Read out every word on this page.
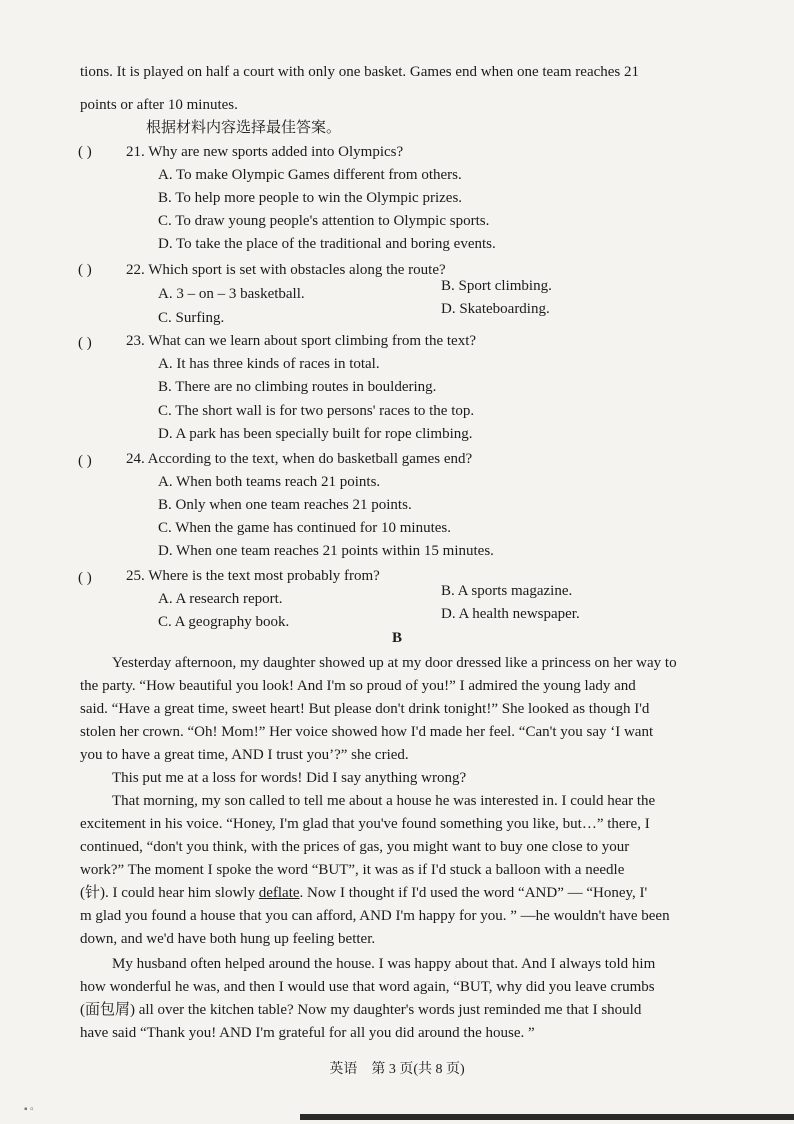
tions. It is played on half a court with only one basket. Games end when one team reaches 21
points or after 10 minutes.
根据材料内容选择最佳答案。
( ) 21. Why are new sports added into Olympics?
A. To make Olympic Games different from others.
B. To help more people to win the Olympic prizes.
C. To draw young people's attention to Olympic sports.
D. To take the place of the traditional and boring events.
( ) 22. Which sport is set with obstacles along the route?
A. 3 – on – 3 basketball.	B. Sport climbing.
C. Surfing.
D. Skateboarding.
( ) 23. What can we learn about sport climbing from the text?
A. It has three kinds of races in total.
B. There are no climbing routes in bouldering.
C. The short wall is for two persons' races to the top.
D. A park has been specially built for rope climbing.
( ) 24. According to the text, when do basketball games end?
A. When both teams reach 21 points.
B. Only when one team reaches 21 points.
C. When the game has continued for 10 minutes.
D. When one team reaches 21 points within 15 minutes.
( ) 25. Where is the text most probably from?
A. A research report.	B. A sports magazine.
C. A geography book.	D. A health newspaper.
B
Yesterday afternoon, my daughter showed up at my door dressed like a princess on her way to
the party. “How beautiful you look! And I'm so proud of you!” I admired the young lady and
said. “Have a great time, sweet heart! But please don't drink tonight!” She looked as though I'd
stolen her crown. “Oh! Mom!” Her voice showed how I'd made her feel. “Can't you say ‘I want
you to have a great time, AND I trust you’?” she cried.
This put me at a loss for words! Did I say anything wrong?
That morning, my son called to tell me about a house he was interested in. I could hear the
excitement in his voice. “Honey, I'm glad that you've found something you like, but…” there, I
continued, “don't you think, with the prices of gas, you might want to buy one close to your
work?” The moment I spoke the word “BUT”, it was as if I'd stuck a balloon with a needle
(针). I could hear him slowly deflate. Now I thought if I'd used the word “AND” — “Honey, I'
m glad you found a house that you can afford, AND I'm happy for you. ” —he wouldn't have been
down, and we'd have both hung up feeling better.
My husband often helped around the house. I was happy about that. And I always told him
how wonderful he was, and then I would use that word again, “BUT, why did you leave crumbs
(面包屑) all over the kitchen table? Now my daughter's words just reminded me that I should
have said “Thank you! AND I'm grateful for all you did around the house. ”
英语　第 3 页(共 8 页)
▪ ▫
